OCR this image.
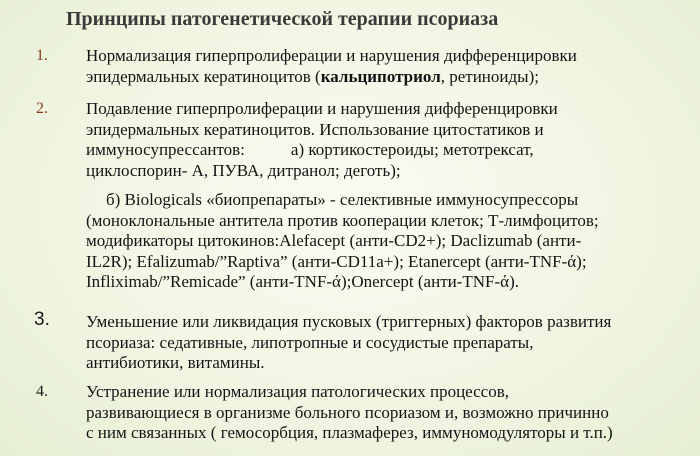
Принципы патогенетической терапии псориаза
1.	Нормализация гиперпролиферации и нарушения дифференцировки
эпидермальных кератиноцитов (кальципотриол, ретиноиды);
2.	Подавление гиперпролиферации и нарушения дифференцировки
эпидермальных кератиноцитов. Использование цитостатиков и
иммуносупрессантов:	а) кортикостероиды; метотрексат,
циклоспорин- А, ПУВА, дитранол; деготь);
б) Biologicals «биопрепараты» - селективные иммуносупрессоры
(моноклональные антитела против кооперации клеток; Т-лимфоцитов;
модификаторы цитокинов:Alefacept (анти-CD2+); Daclizumab (анти-
IL2R); Efalizumab/”Raptiva” (анти-CD11a+); Etanercept (анти-TNF-ά);
Infliximab/”Remicade” (анти-TNF-ά);Onercept (анти-TNF-ά).
3.	Уменьшение или ликвидация пусковых (триггерных) факторов развития
псориаза: седативные, липотропные и сосудистые препараты,
антибиотики, витамины.
4.	Устранение или нормализация патологических процессов,
развивающиеся в организме больного псориазом и, возможно причинно
с ним связанных ( гемосорбция, плазмаферез, иммуномодуляторы и т.п.)
